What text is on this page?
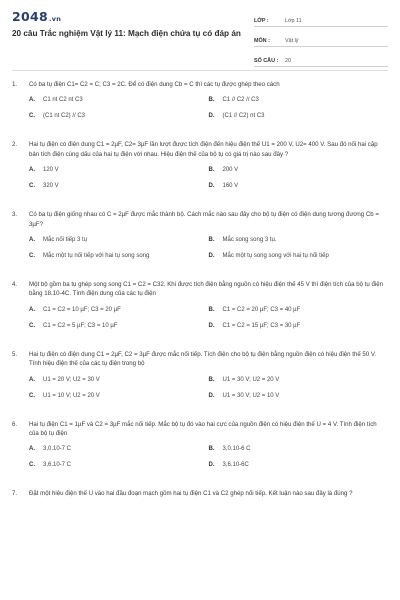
2048.vn
20 câu Trắc nghiệm Vật lý 11: Mạch điện chứa tụ có đáp án
LỚP :	Lớp 11
MÔN :	Vật lý
SỐ CÂU :	20
1.	Có ba tụ điện C1= C2 = C; C3 = 2C. Để có điện dung Cb = C thì các tụ được ghép theo cách
A.	C1 nt C2 nt C3	B.	C1 // C2 // C3
C.	(C1 nt C2) // C3	D.	(C1 // C2) nt C3
2.	Hai tụ điện có điện dung C1 = 2µF, C2= 3µF lần lượt được tích điện đến hiệu điện thế U1 = 200 V, U2= 400 V. Sau đó nối hai cặp bản tích điện cùng dấu của hai tụ điện với nhau. Hiệu điện thế của bộ tụ có giá trị nào sau đây ?
A.	120 V	B.	200 V
C.	320 V	D.	160 V
3.	Có ba tụ điện giống nhau có C = 2µF được mắc thành bộ. Cách mắc nào sau đây cho bộ tụ điện có điện dung tương đương Cb = 3µF?
A.	Mắc nối tiếp 3 tụ	B.	Mắc song song 3 tụ.
C.	Mắc một tụ nối tiếp với hai tụ song song	D.	Mắc một tụ song song với hai tụ nối tiếp
4.	Một bộ gồm ba tụ ghép song song C1 = C2 = C32. Khi được tích điện bằng nguồn có hiệu điện thế 45 V thì điện tích của bộ tụ điện bằng 18.10-4C. Tính điện dung của các tụ điện
A.	C1 = C2 = 10 µF; C3 = 20 µF	B.	C1 = C2 = 20 µF; C3 = 40 µF
C.	C1 = C2 = 5 µF; C3 = 10 µF	D.	C1 = C2 = 15 µF; C3 = 30 µF
5.	Hai tụ điện có điện dung C1 = 2µF, C2 = 3µF được mắc nối tiếp. Tích điện cho bộ tụ điện bằng nguồn điện có hiệu điện thế 50 V. Tính hiệu điện thế của các tụ điện trong bộ
A.	U1 = 20 V; U2 = 30 V	B.	U1 = 30 V; U2 = 20 V
C.	U1 = 10 V; U2 = 20 V	D.	U1 = 30 V; U2 = 10 V
6.	Hai tụ điện C1 = 1µF và C2 = 3µF mắc nối tiếp. Mắc bộ tụ đó vào hai cực của nguồn điện có hiệu điện thế U = 4 V. Tính điện tích của bộ tụ điện
A.	3,0.10-7 C	B.	3,0.10-6 C
C.	3,6.10-7 C	D.	3,6.10-6C
7.	Đặt một hiệu điện thế U vào hai đầu đoạn mạch gồm hai tụ điện C1 và C2 ghép nối tiếp. Kết luận nào sau đây là đúng ?
